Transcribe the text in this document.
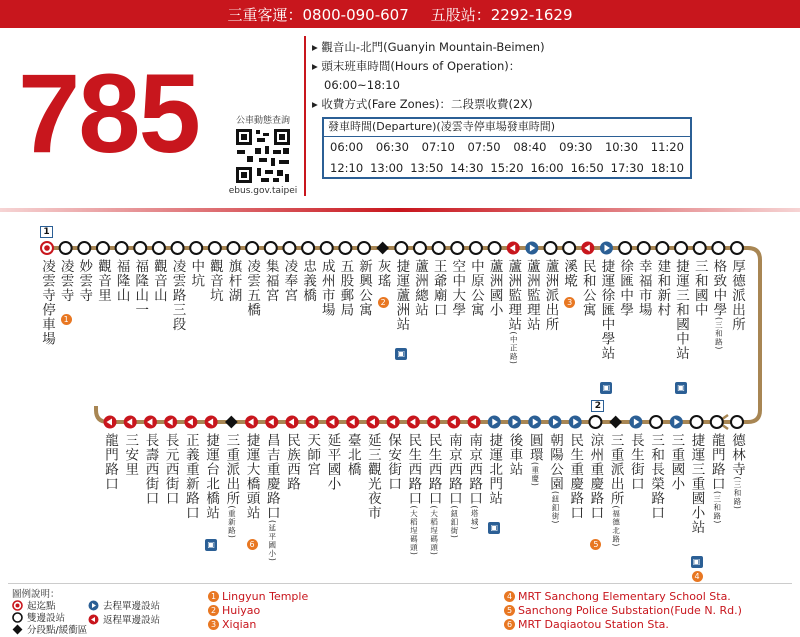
三重客運：0800-090-607 五股站：2292-1629
785	公車動態查詢
ebus.gov.taipei
▸ 觀音山-北門(Guanyin Mountain-Beimen)
▸ 頭末班車時間(Hours of Operation)：
06:00~18:10
▸ 收費方式(Fare Zones)：二段票收費(2X)
發車時間(Departure)(凌雲寺停車場發車時間)
06:00 06:30 07:10 07:50 08:40 09:30 10:30 11:20
12:10 13:00 13:50 14:30 15:20 16:00 16:50 17:30 18:10
凌雲寺停車場 凌雲寺
1
妙雲寺 觀音里 福隆山 福隆山一 觀音山 凌雲路三段 中坑 觀音坑 旗杆湖 凌雲五橋 集福宮 凌奉宮 忠義橋 成州市場 五股郵局 新興公寓 灰瑤
2 捷運蘆洲站
▣
蘆洲總站 王爺廟口 空中大學 中原公寓 蘆洲國小 蘆洲監理站(中正路)
蘆洲監理站 蘆洲派出所 溪墘
3 民和公寓 捷運徐匯中學站
▣
徐匯中學 幸福市場 建和新村 捷運三和國中站
▣
三和國中 格致中學(三和路)
厚德派出所
龍門路口 三安里 長壽西街口 長元西街口 正義重新路口 捷運台北橋站
▣
三重派出所(重新路)
捷運大橋頭站
6
昌吉重慶路口(延平國小)
民族西路 天師宮 延平國小 臺北橋 延三觀光夜市 保安街口 民生西路口(大稻埕碼頭)
民生西路口(大稻埕碼頭)
南京西路口(鈕釦街)
南京西路口(塔城)
捷運北門站
▣
後車站 圓環(重慶) 朝陽公園(鈕釦街) 民生重慶路口 涼州重慶路口
5
三重派出所(福德北路)
長生街口 三和長榮路口 三重國小 捷運三重國小站
▣
4
龍門路口(三和路)
德林寺(三和路)
1
2
圖例說明：
起迄點
雙邊設站
分段點/緩衝區
去程單邊設站
返程單邊設站
1 Lingyun Temple
2 Huiyao
3 Xiqian
4 MRT Sanchong Elementary School Sta.
5 Sanchong Police Substation(Fude N. Rd.)
6 MRT Daqiaotou Station Sta.
